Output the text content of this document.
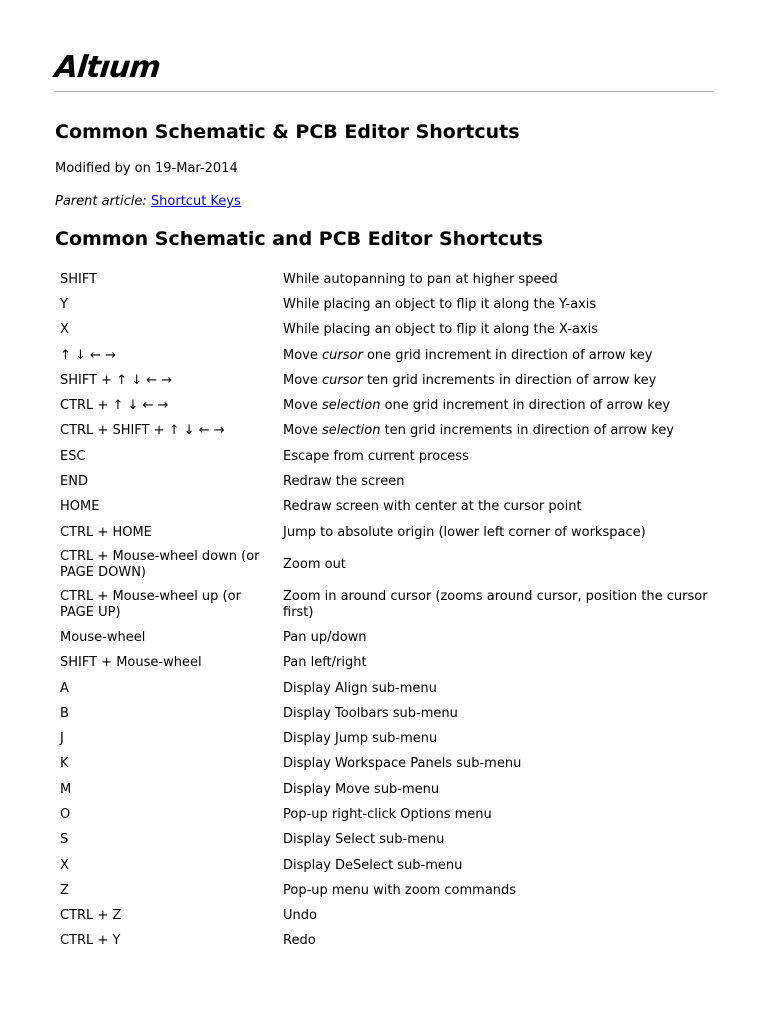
Altıum
Common Schematic & PCB Editor Shortcuts
Modified by on 19-Mar-2014
Parent article: Shortcut Keys
Common Schematic and PCB Editor Shortcuts
SHIFT	While autopanning to pan at higher speed
Y	While placing an object to flip it along the Y-axis
X	While placing an object to flip it along the X-axis
↑ ↓ ← →	Move cursor one grid increment in direction of arrow key
SHIFT + ↑ ↓ ← →	Move cursor ten grid increments in direction of arrow key
CTRL + ↑ ↓ ← →	Move selection one grid increment in direction of arrow key
CTRL + SHIFT + ↑ ↓ ← →	Move selection ten grid increments in direction of arrow key
ESC	Escape from current process
END	Redraw the screen
HOME	Redraw screen with center at the cursor point
CTRL + HOME	Jump to absolute origin (lower left corner of workspace)
CTRL + Mouse-wheel down (or PAGE DOWN)	Zoom out
CTRL + Mouse-wheel up (or PAGE UP)	Zoom in around cursor (zooms around cursor, position the cursor first)
Mouse-wheel	Pan up/down
SHIFT + Mouse-wheel	Pan left/right
A	Display Align sub-menu
B	Display Toolbars sub-menu
J	Display Jump sub-menu
K	Display Workspace Panels sub-menu
M	Display Move sub-menu
O	Pop-up right-click Options menu
S	Display Select sub-menu
X	Display DeSelect sub-menu
Z	Pop-up menu with zoom commands
CTRL + Z	Undo
CTRL + Y	Redo
